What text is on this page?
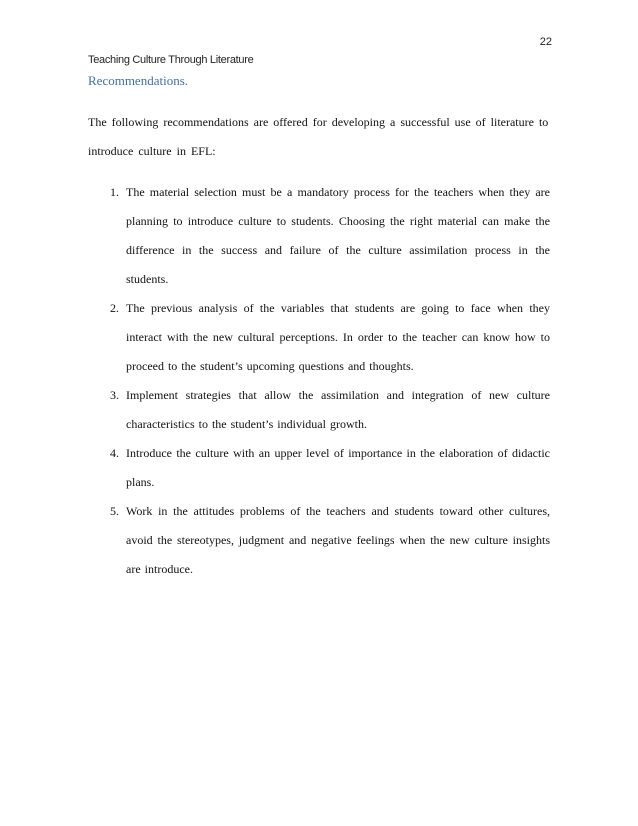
22
Teaching Culture Through Literature
Recommendations.

The following recommendations are offered for developing a successful use of literature to introduce culture in EFL:

1. The material selection must be a mandatory process for the teachers when they are planning to introduce culture to students. Choosing the right material can make the difference in the success and failure of the culture assimilation process in the students.
2. The previous analysis of the variables that students are going to face when they interact with the new cultural perceptions. In order to the teacher can know how to proceed to the student’s upcoming questions and thoughts.
3. Implement strategies that allow the assimilation and integration of new culture characteristics to the student’s individual growth.
4. Introduce the culture with an upper level of importance in the elaboration of didactic plans.
5. Work in the attitudes problems of the teachers and students toward other cultures, avoid the stereotypes, judgment and negative feelings when the new culture insights are introduce.
